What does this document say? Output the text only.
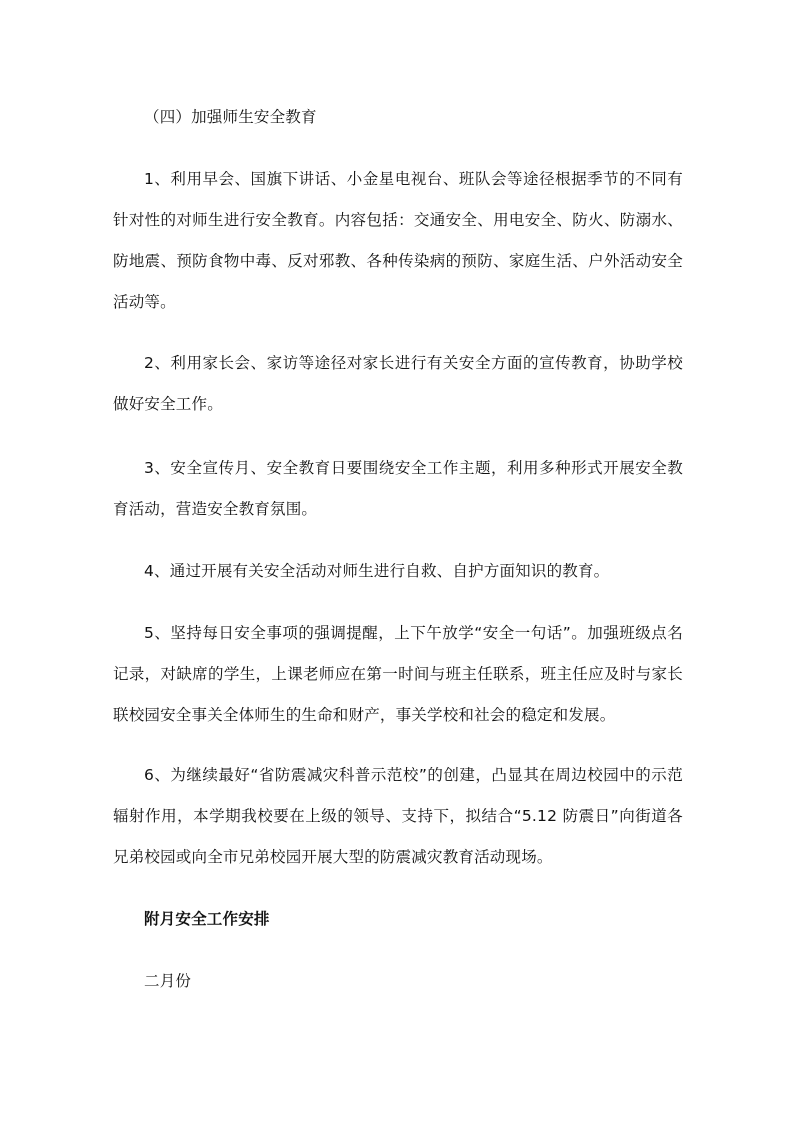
（四）加强师生安全教育

1、利用早会、国旗下讲话、小金星电视台、班队会等途径根据季节的不同有针对性的对师生进行安全教育。内容包括：交通安全、用电安全、防火、防溺水、防地震、预防食物中毒、反对邪教、各种传染病的预防、家庭生活、户外活动安全活动等。

2、利用家长会、家访等途径对家长进行有关安全方面的宣传教育，协助学校做好安全工作。

3、安全宣传月、安全教育日要围绕安全工作主题，利用多种形式开展安全教育活动，营造安全教育氛围。

4、通过开展有关安全活动对师生进行自救、自护方面知识的教育。

5、坚持每日安全事项的强调提醒，上下午放学“安全一句话”。加强班级点名记录，对缺席的学生，上课老师应在第一时间与班主任联系，班主任应及时与家长联校园安全事关全体师生的生命和财产，事关学校和社会的稳定和发展。

6、为继续最好“省防震减灾科普示范校”的创建，凸显其在周边校园中的示范辐射作用，本学期我校要在上级的领导、支持下，拟结合“5.12 防震日”向街道各兄弟校园或向全市兄弟校园开展大型的防震减灾教育活动现场。

附月安全工作安排

二月份
